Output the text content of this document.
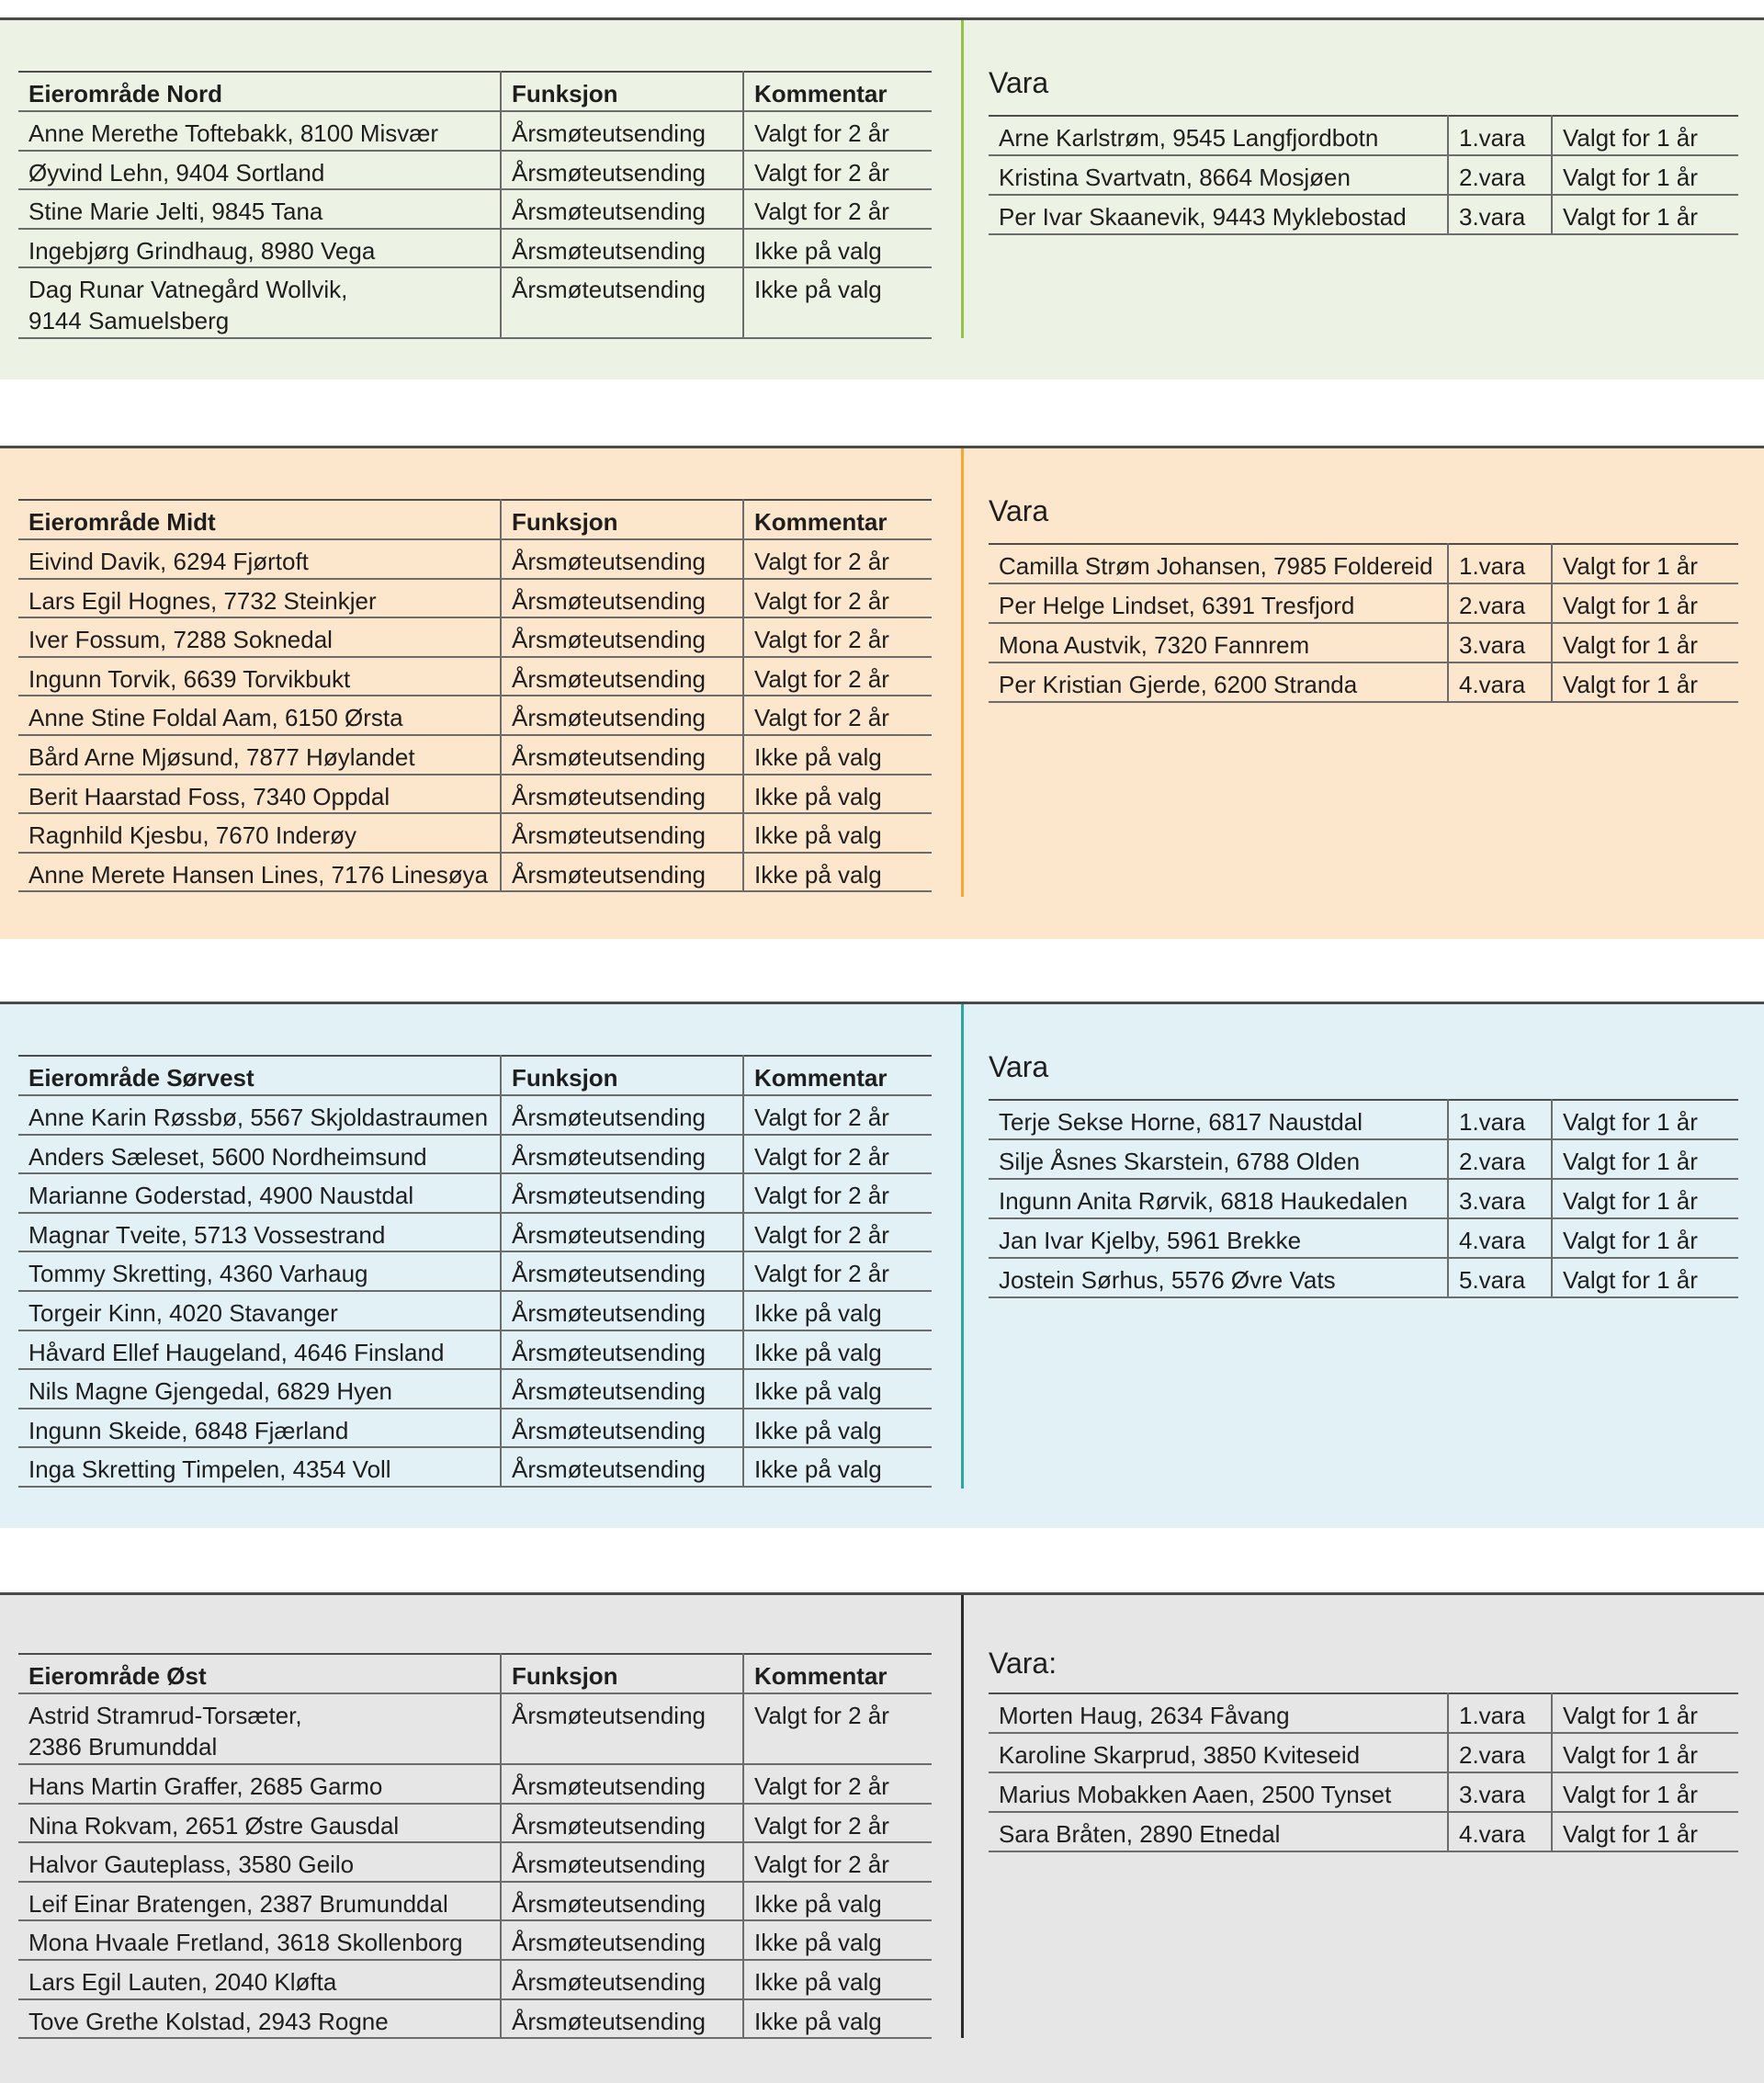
Eierområde Nord	Funksjon	Kommentar
Anne Merethe Toftebakk, 8100 Misvær	Årsmøteutsending	Valgt for 2 år
Øyvind Lehn, 9404 Sortland	Årsmøteutsending	Valgt for 2 år
Stine Marie Jelti, 9845 Tana	Årsmøteutsending	Valgt for 2 år
Ingebjørg Grindhaug, 8980 Vega	Årsmøteutsending	Ikke på valg
Dag Runar Vatnegård Wollvik, 9144 Samuelsberg	Årsmøteutsending	Ikke på valg
Vara
Arne Karlstrøm, 9545 Langfjordbotn	1.vara	Valgt for 1 år
Kristina Svartvatn, 8664 Mosjøen	2.vara	Valgt for 1 år
Per Ivar Skaanevik, 9443 Myklebostad	3.vara	Valgt for 1 år
Eierområde Midt	Funksjon	Kommentar
Eivind Davik, 6294 Fjørtoft	Årsmøteutsending	Valgt for 2 år
Lars Egil Hognes, 7732 Steinkjer	Årsmøteutsending	Valgt for 2 år
Iver Fossum, 7288 Soknedal	Årsmøteutsending	Valgt for 2 år
Ingunn Torvik, 6639 Torvikbukt	Årsmøteutsending	Valgt for 2 år
Anne Stine Foldal Aam, 6150 Ørsta	Årsmøteutsending	Valgt for 2 år
Bård Arne Mjøsund, 7877 Høylandet	Årsmøteutsending	Ikke på valg
Berit Haarstad Foss, 7340 Oppdal	Årsmøteutsending	Ikke på valg
Ragnhild Kjesbu, 7670 Inderøy	Årsmøteutsending	Ikke på valg
Anne Merete Hansen Lines, 7176 Linesøya	Årsmøteutsending	Ikke på valg
Vara
Camilla Strøm Johansen, 7985 Foldereid	1.vara	Valgt for 1 år
Per Helge Lindset, 6391 Tresfjord	2.vara	Valgt for 1 år
Mona Austvik, 7320 Fannrem	3.vara	Valgt for 1 år
Per Kristian Gjerde, 6200 Stranda	4.vara	Valgt for 1 år
Eierområde Sørvest	Funksjon	Kommentar
Anne Karin Røssbø, 5567 Skjoldastraumen	Årsmøteutsending	Valgt for 2 år
Anders Sæleset, 5600 Nordheimsund	Årsmøteutsending	Valgt for 2 år
Marianne Goderstad, 4900 Naustdal	Årsmøteutsending	Valgt for 2 år
Magnar Tveite, 5713 Vossestrand	Årsmøteutsending	Valgt for 2 år
Tommy Skretting, 4360 Varhaug	Årsmøteutsending	Valgt for 2 år
Torgeir Kinn, 4020 Stavanger	Årsmøteutsending	Ikke på valg
Håvard Ellef Haugeland, 4646 Finsland	Årsmøteutsending	Ikke på valg
Nils Magne Gjengedal, 6829 Hyen	Årsmøteutsending	Ikke på valg
Ingunn Skeide, 6848 Fjærland	Årsmøteutsending	Ikke på valg
Inga Skretting Timpelen, 4354 Voll	Årsmøteutsending	Ikke på valg
Vara
Terje Sekse Horne, 6817 Naustdal	1.vara	Valgt for 1 år
Silje Åsnes Skarstein, 6788 Olden	2.vara	Valgt for 1 år
Ingunn Anita Rørvik, 6818 Haukedalen	3.vara	Valgt for 1 år
Jan Ivar Kjelby, 5961 Brekke	4.vara	Valgt for 1 år
Jostein Sørhus, 5576 Øvre Vats	5.vara	Valgt for 1 år
Eierområde Øst	Funksjon	Kommentar
Astrid Stramrud-Torsæter, 2386 Brumunddal	Årsmøteutsending	Valgt for 2 år
Hans Martin Graffer, 2685 Garmo	Årsmøteutsending	Valgt for 2 år
Nina Rokvam, 2651 Østre Gausdal	Årsmøteutsending	Valgt for 2 år
Halvor Gauteplass, 3580 Geilo	Årsmøteutsending	Valgt for 2 år
Leif Einar Bratengen, 2387 Brumunddal	Årsmøteutsending	Ikke på valg
Mona Hvaale Fretland, 3618 Skollenborg	Årsmøteutsending	Ikke på valg
Lars Egil Lauten, 2040 Kløfta	Årsmøteutsending	Ikke på valg
Tove Grethe Kolstad, 2943 Rogne	Årsmøteutsending	Ikke på valg
Vara:
Morten Haug, 2634 Fåvang	1.vara	Valgt for 1 år
Karoline Skarprud, 3850 Kviteseid	2.vara	Valgt for 1 år
Marius Mobakken Aaen, 2500 Tynset	3.vara	Valgt for 1 år
Sara Bråten, 2890 Etnedal	4.vara	Valgt for 1 år
